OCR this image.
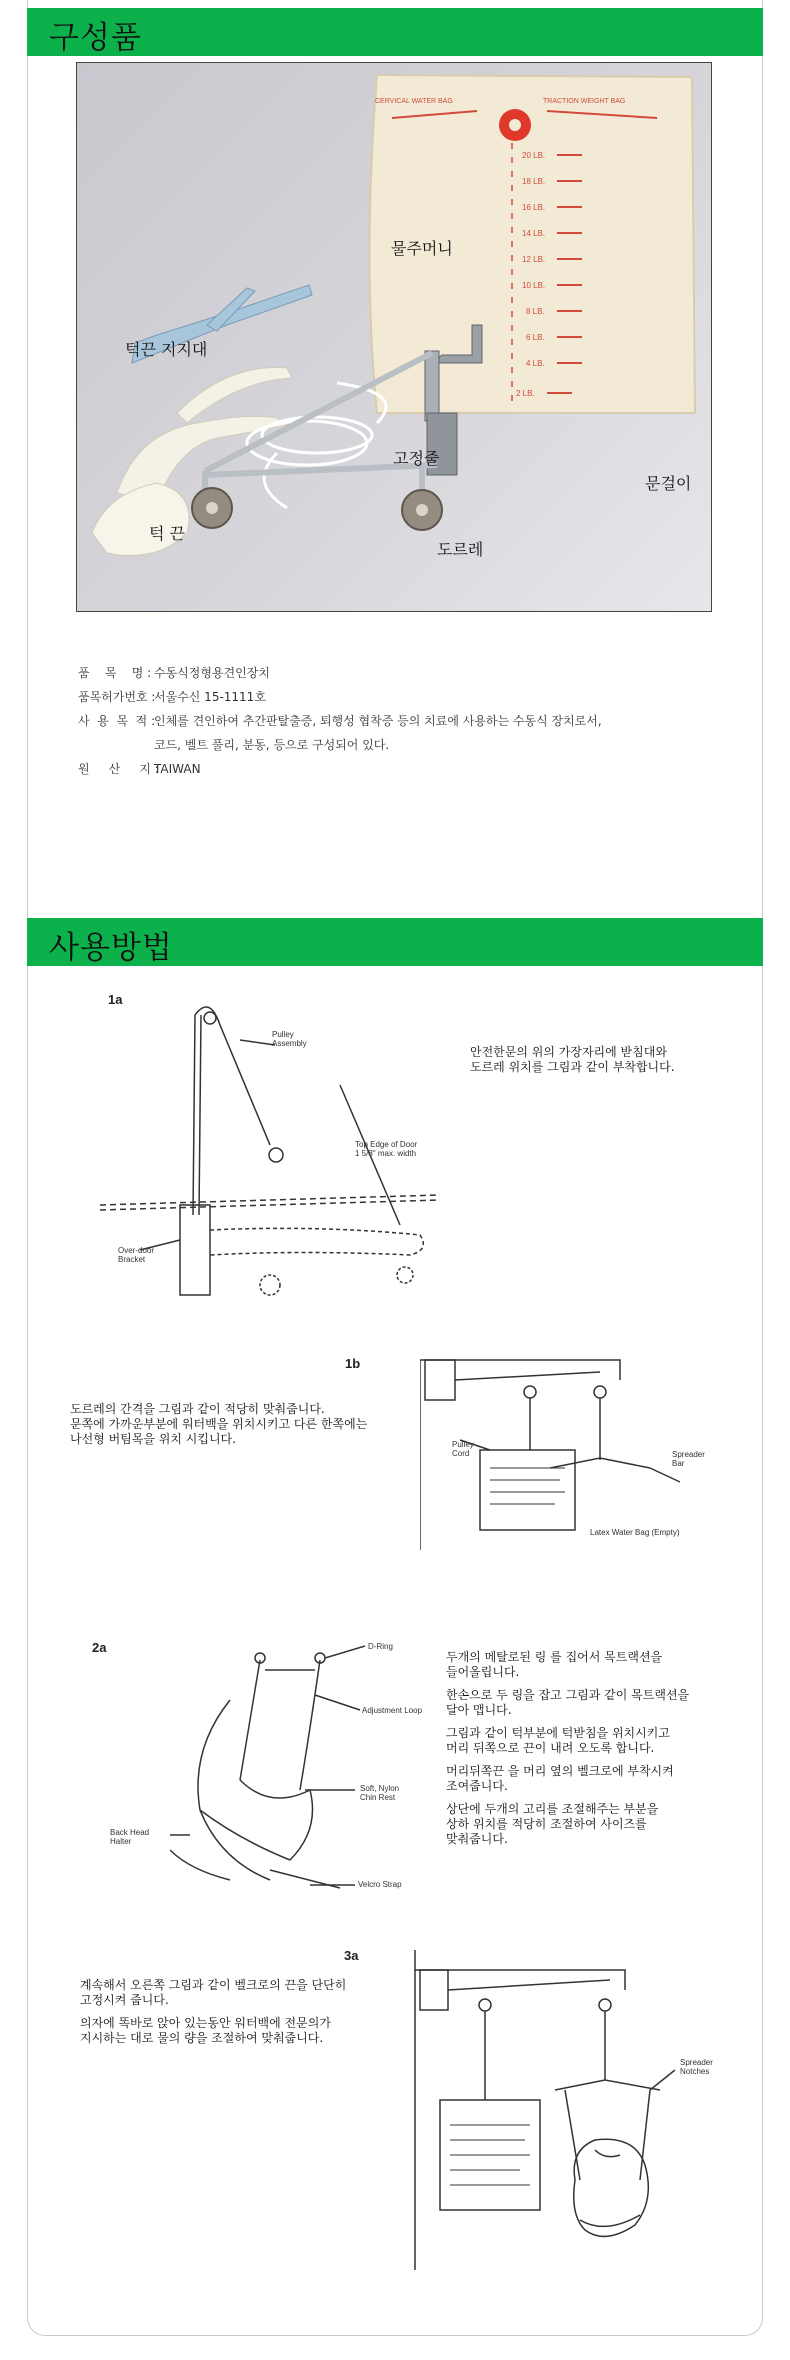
구성품
CERVICAL WATER BAG	TRACTION WEIGHT BAG
20 LB.
18 LB.
16 LB.
14 LB.
12 LB.
10 LB.
8 LB.
6 LB.
4 LB.
2 LB.
물주머니
턱끈 지지대
고정줄
문걸이
턱 끈
도르레
품    목    명 : 수동식정형용견인장치
품목허가번호 :서울수신 15-1111호
사  용  목  적 :인체를 견인하여 추간판탈출증, 퇴행성 협착증 등의 치료에 사용하는 수동식 장치로서,
코드, 벨트 풀리, 분동, 등으로 구성되어 있다.
원     산     지 :TAIWAN
사용방법
1a
Pulley
Assembly
Top Edge of Door
1 5/8" max. width
Over-door
Bracket
안전한문의 위의 가장자리에 받침대와
도르레 위치를 그림과 같이 부착합니다.
1b
도르레의 간격을 그림과 같이 적당히 맞춰줍니다.
문쪽에 가까운부분에 워터백을 위치시키고 다른 한쪽에는
나선형 버팀목을 위치 시킵니다.	Pulley
Cord	Spreader
Bar
Latex Water Bag (Empty)
2a	D-Ring
Adjustment Loop
Soft, Nylon
Chin Rest
Back Head
Halter
Velcro Strap

두개의 메탈로된 링 를 집어서 목트랙션을
들어올립니다.

한손으로 두 링을 잡고 그림과 같이 목트랙션을
달아 맵니다.

그림과 같이 턱부분에 턱받침을 위치시키고
머리 뒤쪽으로 끈이 내려 오도록 합니다.

머리뒤쪽끈 을 머리 옆의 벨크로에 부착시켜
조여줍니다.

상단에 두개의 고리를 조절해주는 부분을
상하 위치를 적당히 조절하여 사이즈를
맞춰줍니다.

3a

계속해서 오른쪽 그림과 같이 벨크로의 끈을 단단히
고정시켜 줍니다.

의자에 똑바로 앉아 있는동안 워터백에 전문의가
지시하는 대로 물의 량을 조절하여 맞춰줍니다.

Spreader
Notches
